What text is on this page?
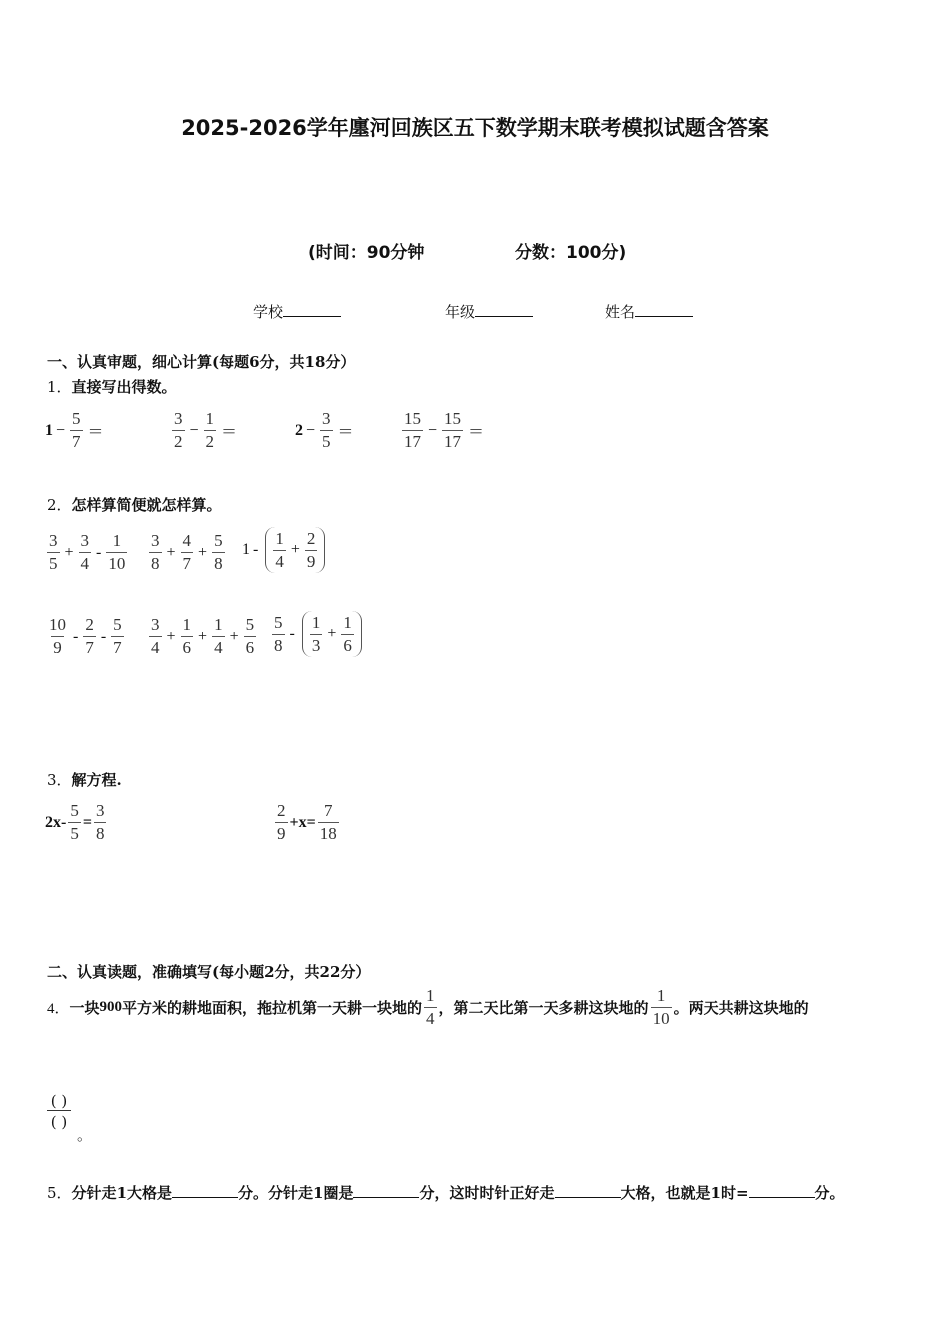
2025-2026学年廛河回族区五下数学期末联考模拟试题含答案
(时间：90分钟	分数：100分)
学校	年级	姓名
一、认真审题，细心计算(每题6分，共18分）
1．直接写出得数。
$1 - \frac{5}{7}$ ＝	$\frac{3}{2} - \frac{1}{2}$ ＝	$2 - \frac{3}{5}$ ＝	$\frac{15}{17} - \frac{15}{17}$ ＝
2．怎样算简便就怎样算。
$\frac{3}{5} + \frac{3}{4} - \frac{1}{10} \frac{3}{8} + \frac{4}{7} + \frac{5}{8} 1 - \frac{1}{4} + \frac{2}{9}$
$\frac{10}{9} - \frac{2}{7} - \frac{5}{7} \frac{3}{4} + \frac{1}{6} + \frac{1}{4} + \frac{5}{6} \frac{5}{8} - \frac{1}{3} + \frac{1}{6}$
3．解方程.
$2x- \frac{5}{5} = \frac{3}{8}$	$\frac{2}{9} +x= \frac{7}{18}$
二、认真读题，准确填写(每小题2分，共22分）
4． 一块 900 平方米的耕地面积，拖拉机第一天耕一块地的 $\frac{1}{4}$ ，第二天比第一天多耕这块地的 $\frac{1}{10}$ 。两天共耕这块地的
( )
( )
。
5．分针走1大格是	分。分针走1圈是	分，这时时针正好走	大格，也就是1时=	分。
